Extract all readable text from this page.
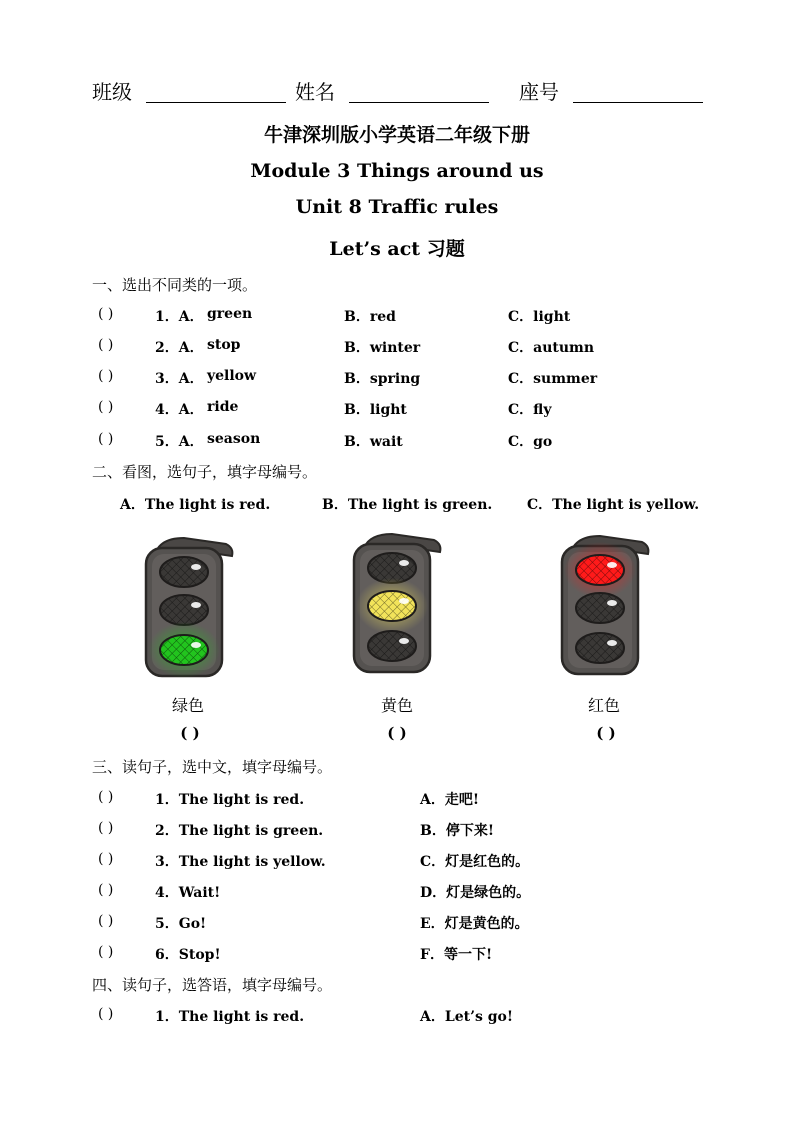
班级	姓名	座号
牛津深圳版小学英语二年级下册
Module 3 Things around us
Unit 8 Traffic rules
Let’s act 习题
一、选出不同类的一项。
( )	1．A． green	B．red	C．light
( )	2．A． stop	B．winter	C．autumn
( )	3．A． yellow	B．spring	C．summer
( )	4．A． ride	B．light	C．fly
( )	5．A． season	B．wait	C．go
二、看图，选句子，填字母编号。
A．The light is red.	B．The light is green. C．The light is yellow.
绿色	黄色	红色
( )	( )	( )
三、读句子，选中文，填字母编号。
( )	1．The light is red.	A．走吧!
( )	2．The light is green.	B．停下来!
( )	3．The light is yellow.	C．灯是红色的。
( )	4．Wait!	D．灯是绿色的。
( )	5．Go!	E．灯是黄色的。
( )	6．Stop!	F．等一下!
四、读句子，选答语，填字母编号。
( )	1．The light is red.	A．Let’s go!
